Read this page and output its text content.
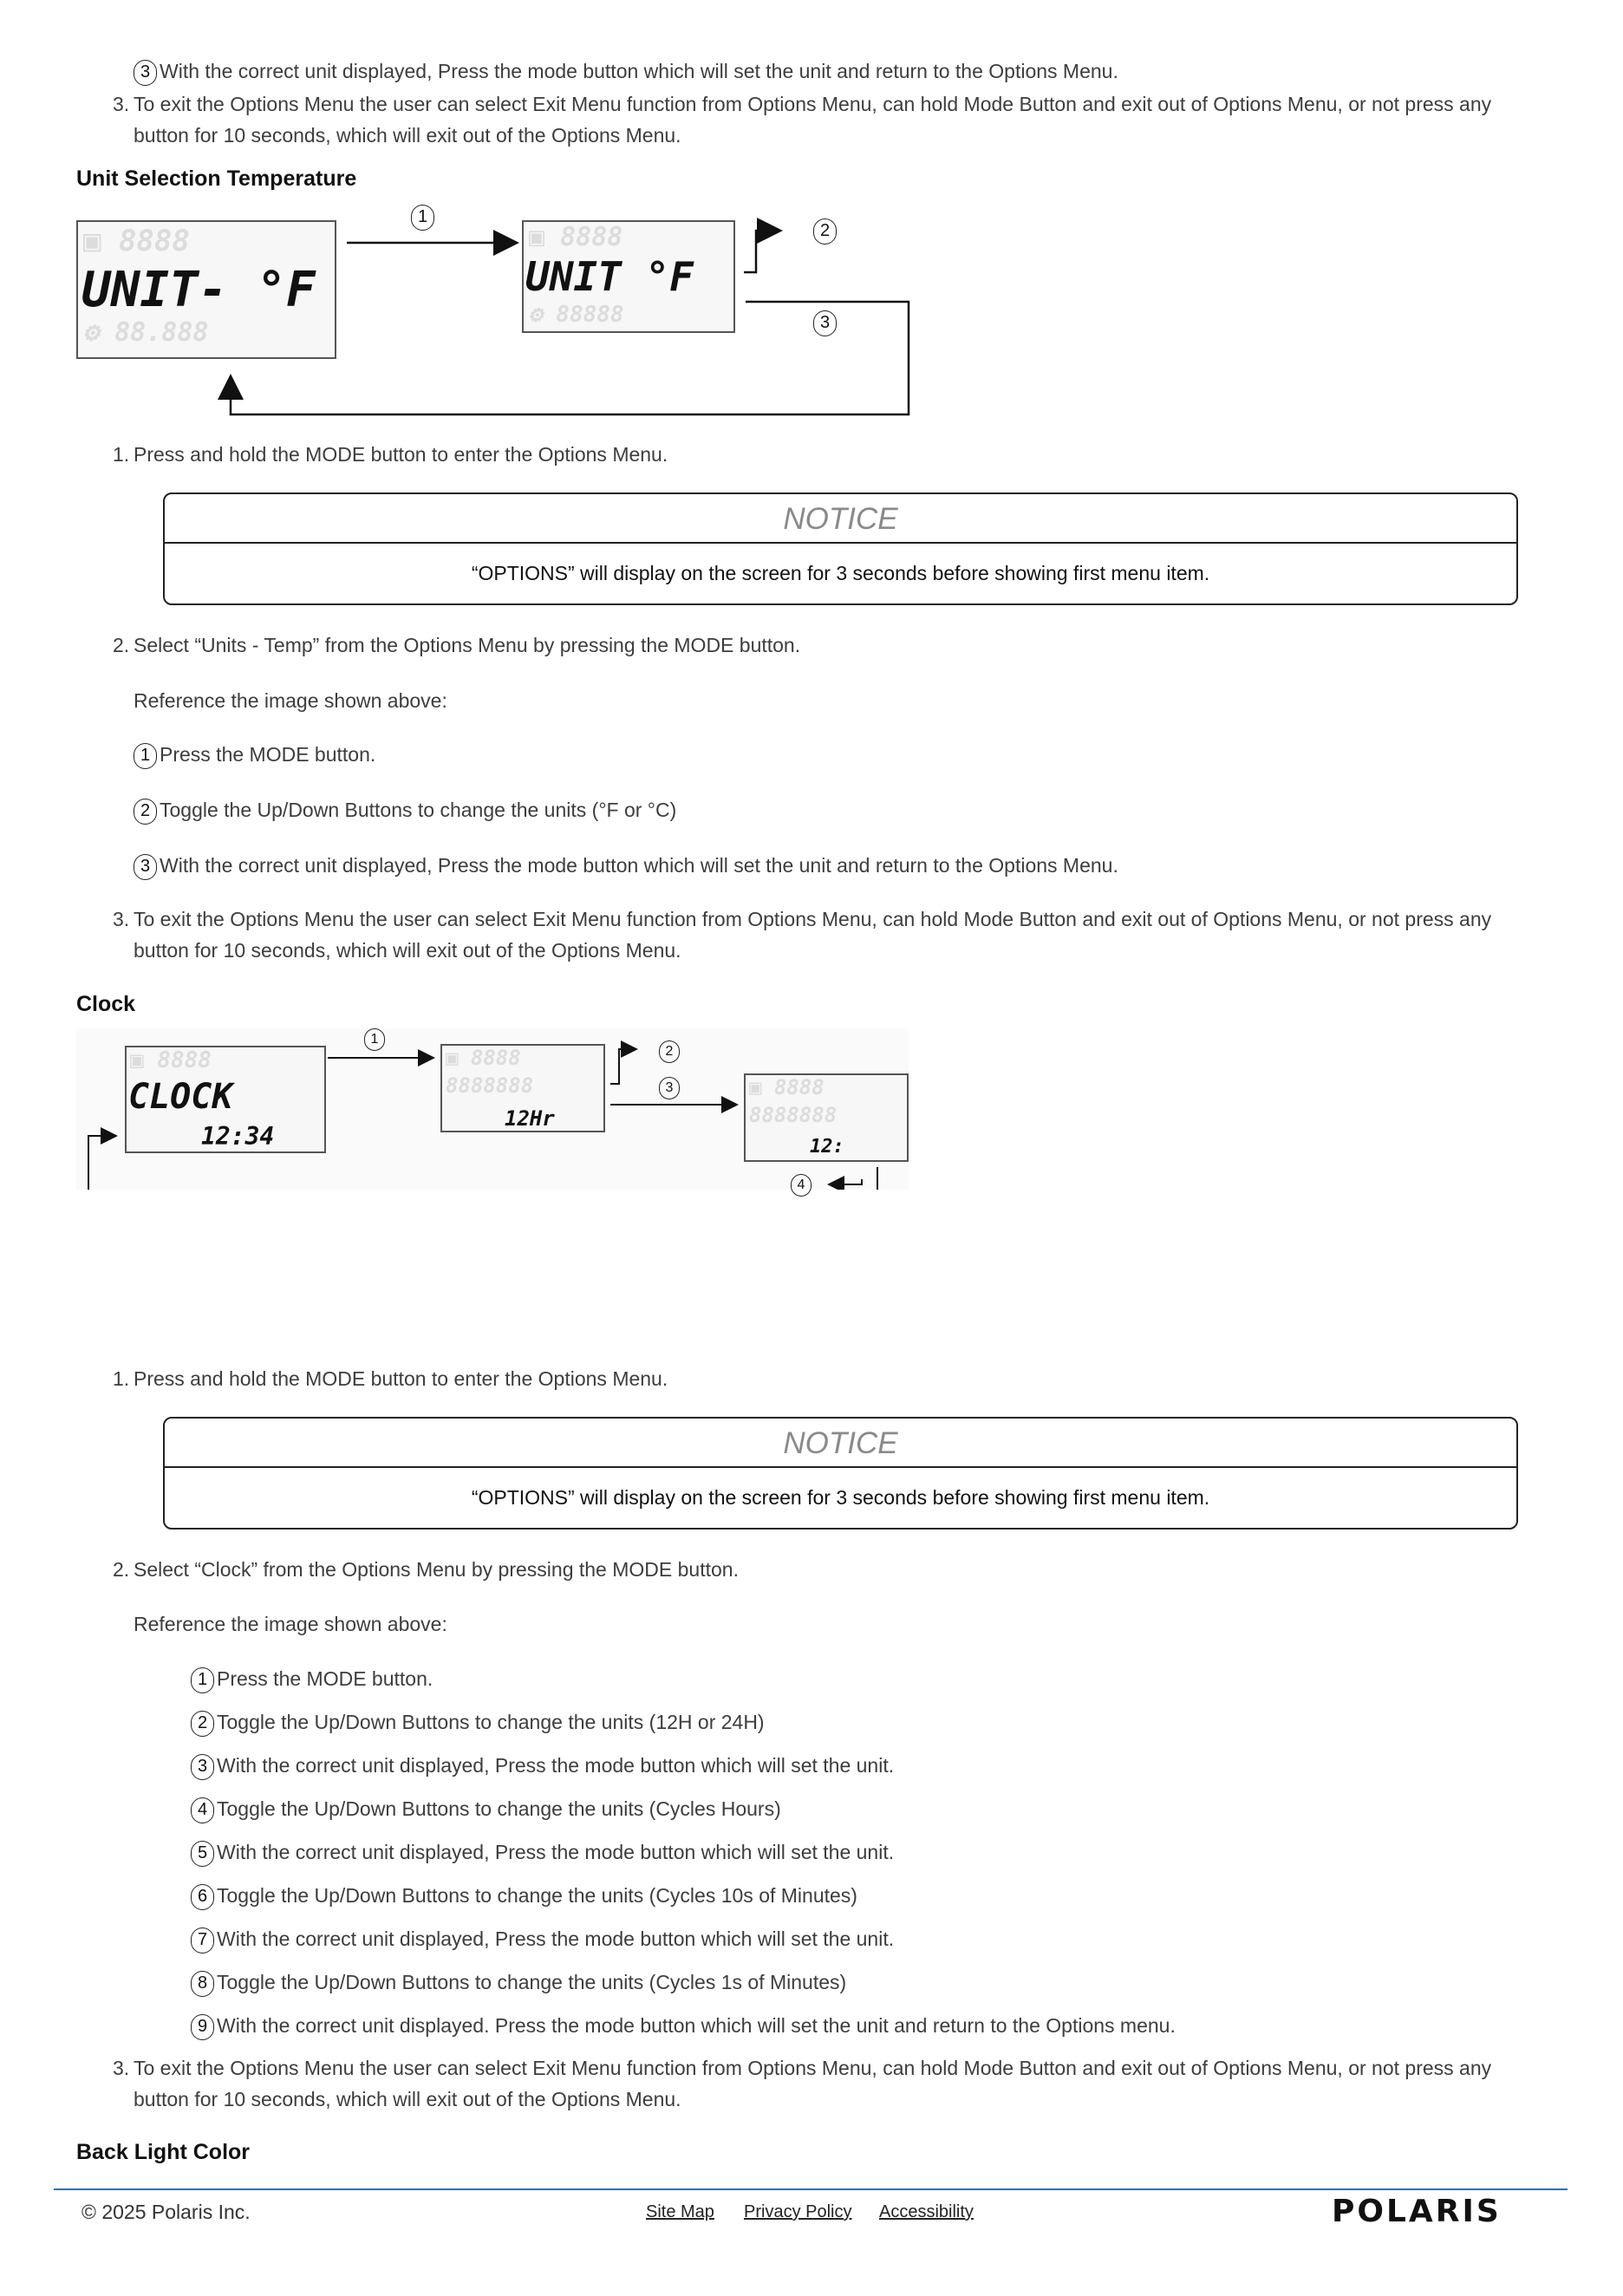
3 With the correct unit displayed, Press the mode button which will set the unit and return to the Options Menu.
3. To exit the Options Menu the user can select Exit Menu function from Options Menu, can hold Mode Button and exit out of Options Menu, or not press any
button for 10 seconds, which will exit out of the Options Menu.
Unit Selection Temperature
▣ 8888
⚙ 88.888
UNIT- °F
▣ 8888
⚙ 88888
UNIT °F
1
2
3
1. Press and hold the MODE button to enter the Options Menu.
NOTICE
“OPTIONS” will display on the screen for 3 seconds before showing first menu item.
2. Select “Units - Temp” from the Options Menu by pressing the MODE button.
Reference the image shown above:
1 Press the MODE button.
2 Toggle the Up/Down Buttons to change the units (°F or °C)
3 With the correct unit displayed, Press the mode button which will set the unit and return to the Options Menu.
3. To exit the Options Menu the user can select Exit Menu function from Options Menu, can hold Mode Button and exit out of Options Menu, or not press any
button for 10 seconds, which will exit out of the Options Menu.
Clock
▣ 8888
CLOCK
12:34
▣ 8888
8888888
12Hr
▣ 8888
8888888
12:
1
2
3
4
1. Press and hold the MODE button to enter the Options Menu.
NOTICE
“OPTIONS” will display on the screen for 3 seconds before showing first menu item.
2. Select “Clock” from the Options Menu by pressing the MODE button.
Reference the image shown above:
1 Press the MODE button.
2 Toggle the Up/Down Buttons to change the units (12H or 24H)
3 With the correct unit displayed, Press the mode button which will set the unit.
4 Toggle the Up/Down Buttons to change the units (Cycles Hours)
5 With the correct unit displayed, Press the mode button which will set the unit.
6 Toggle the Up/Down Buttons to change the units (Cycles 10s of Minutes)
7 With the correct unit displayed, Press the mode button which will set the unit.
8 Toggle the Up/Down Buttons to change the units (Cycles 1s of Minutes)
9 With the correct unit displayed. Press the mode button which will set the unit and return to the Options menu.
3. To exit the Options Menu the user can select Exit Menu function from Options Menu, can hold Mode Button and exit out of Options Menu, or not press any
button for 10 seconds, which will exit out of the Options Menu.
Back Light Color
© 2025 Polaris Inc.	Site Map Privacy Policy Accessibility	POLARIS
